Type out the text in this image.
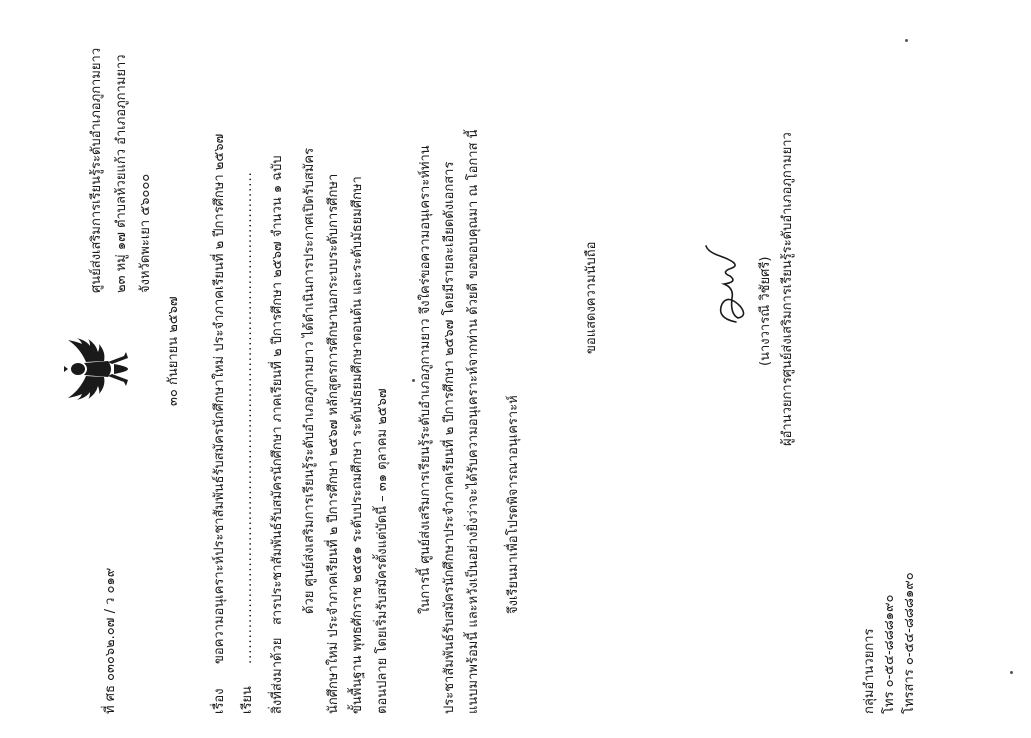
ที่ ศธ ๐๓๐๖๒.๐๗ / ว ๐๑๙
ศูนย์ส่งเสริมการเรียนรู้ระดับอำเภอภูกามยาว ๒๓ หมู่ ๑๗ ตำบลห้วยแก้ว อำเภอภูกามยาว จังหวัดพะเยา ๕๖๐๐๐
๓๐ กันยายน ๒๕๖๗
เรื่อง
ขอความอนุเคราะห์ประชาสัมพันธ์รับสมัครนักศึกษาใหม่ ประจำภาคเรียนที่ ๒ ปีการศึกษา ๒๕๖๗
เรียน
................................................................................................
สิ่งที่ส่งมาด้วย
สารประชาสัมพันธ์รับสมัครนักศึกษา ภาคเรียนที่ ๒ ปีการศึกษา ๒๕๖๗ จำนวน ๑ ฉบับ ด้วย ศูนย์ส่งเสริมการเรียนรู้ระดับอำเภอภูกามยาว ได้ดำเนินการประกาศเปิดรับสมัคร นักศึกษาใหม่ ประจำภาคเรียนที่ ๒ ปีการศึกษา ๒๕๖๗ หลักสูตรการศึกษานอกระบบระดับการศึกษา ขั้นพื้นฐาน พุทธศักราช ๒๕๕๑ ระดับประถมศึกษา ระดับมัธยมศึกษาตอนต้น และระดับมัธยมศึกษา ตอนปลาย โดยเริ่มรับสมัครตั้งแต่บัดนี้ – ๓๑ ตุลาคม ๒๕๖๗ ในการนี้ ศูนย์ส่งเสริมการเรียนรู้ระดับอำเภอภูกามยาว จึงใคร่ขอความอนุเคราะห์ท่าน ประชาสัมพันธ์รับสมัครนักศึกษาประจำภาคเรียนที่ ๒ ปีการศึกษา ๒๕๖๗ โดยมีรายละเอียดดังเอกสาร แนบมาพร้อมนี้ และหวังเป็นอย่างยิ่งว่าจะได้รับความอนุเคราะห์จากท่าน ด้วยดี ขอขอบคุณมา ณ โอกาส นี้ จึงเรียนมาเพื่อโปรดพิจารณาอนุเคราะห์
ขอแสดงความนับถือ	(นางวารณี วิชัยศรี) ผู้อำนวยการศูนย์ส่งเสริมการเรียนรู้ระดับอำเภอภูกามยาว
กลุ่มอำนวยการ โทร ๐-๕๔-๘๘๘๑๙๐ โทรสาร ๐-๕๔-๘๘๘๑๙๐
